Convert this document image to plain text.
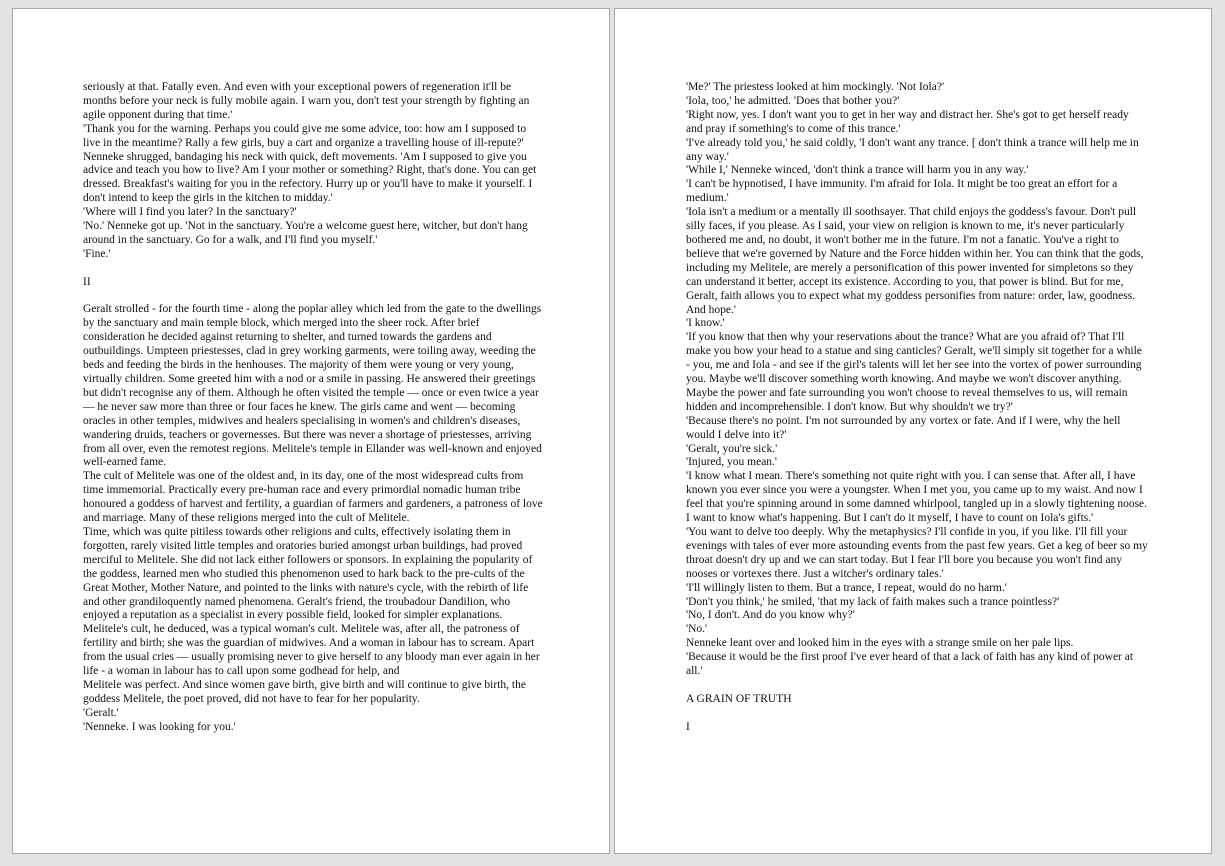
seriously at that. Fatally even. And even with your exceptional powers of regeneration it'll be months before your neck is fully mobile again. I warn you, don't test your strength by fighting an agile opponent during that time.'

'Thank you for the warning. Perhaps you could give me some advice, too: how am I supposed to live in the meantime? Rally a few girls, buy a cart and organize a travelling house of ill-repute?'

Nenneke shrugged, bandaging his neck with quick, deft movements. 'Am I supposed to give you advice and teach you how to live? Am I your mother or something? Right, that's done. You can get dressed. Breakfast's waiting for you in the refectory. Hurry up or you'll have to make it yourself. I don't intend to keep the girls in the kitchen to midday.'

'Where will I find you later? In the sanctuary?'

'No.' Nenneke got up. 'Not in the sanctuary. You're a welcome guest here, witcher, but don't hang around in the sanctuary. Go for a walk, and I'll find you myself.'

'Fine.'

II

Geralt strolled - for the fourth time - along the poplar alley which led from the gate to the dwellings by the sanctuary and main temple block, which merged into the sheer rock. After brief

consideration he decided against returning to shelter, and turned towards the gardens and outbuildings. Umpteen priestesses, clad in grey working garments, were toiling away, weeding the beds and feeding the birds in the henhouses. The majority of them were young or very young, virtually children. Some greeted him with a nod or a smile in passing. He answered their greetings but didn't recognise any of them. Although he often visited the temple — once or even twice a year — he never saw more than three or four faces he knew. The girls came and went — becoming oracles in other temples, midwives and healers specialising in women's and children's diseases, wandering druids, teachers or governesses. But there was never a shortage of priestesses, arriving from all over, even the remotest regions. Melitele's temple in Ellander was well-known and enjoyed well-earned fame.

The cult of Melitele was one of the oldest and, in its day, one of the most widespread cults from time immemorial. Practically every pre-human race and every primordial nomadic human tribe honoured a goddess of harvest and fertility, a guardian of farmers and gardeners, a patroness of love and marriage. Many of these religions merged into the cult of Melitele.

Time, which was quite pitiless towards other religions and cults, effectively isolating them in forgotten, rarely visited little temples and oratories buried amongst urban buildings, had proved merciful to Melitele. She did not lack either followers or sponsors. In explaining the popularity of the goddess, learned men who studied this phenomenon used to hark back to the pre-cults of the Great Mother, Mother Nature, and pointed to the links with nature's cycle, with the rebirth of life and other grandiloquently named phenomena. Geralt's friend, the troubadour Dandilion, who enjoyed a reputation as a specialist in every possible field, looked for simpler explanations. Melitele's cult, he deduced, was a typical woman's cult. Melitele was, after all, the patroness of fertility and birth; she was the guardian of midwives. And a woman in labour has to scream. Apart from the usual cries — usually promising never to give herself to any bloody man ever again in her life - a woman in labour has to call upon some godhead for help, and

Melitele was perfect. And since women gave birth, give birth and will continue to give birth, the goddess Melitele, the poet proved, did not have to fear for her popularity.

'Geralt.'

'Nenneke. I was looking for you.'

'Me?' The priestess looked at him mockingly. 'Not Iola?'

'Iola, too,' he admitted. 'Does that bother you?'

'Right now, yes. I don't want you to get in her way and distract her. She's got to get herself ready and pray if something's to come of this trance.'

'I've already told you,' he said coldly, 'I don't want any trance. [ don't think a trance will help me in any way.'

'While I,' Nenneke winced, 'don't think a trance will harm you in any way.'

'I can't be hypnotised, I have immunity. I'm afraid for Iola. It might be too great an effort for a medium.'

'Iola isn't a medium or a mentally ill soothsayer. That child enjoys the goddess's favour. Don't pull silly faces, if you please. As I said, your view on religion is known to me, it's never particularly bothered me and, no doubt, it won't bother me in the future. I'm not a fanatic. You've a right to believe that we're governed by Nature and the Force hidden within her. You can think that the gods, including my Melitele, are merely a personification of this power invented for simpletons so they can understand it better, accept its existence. According to you, that power is blind. But for me, Geralt, faith allows you to expect what my goddess personifies from nature: order, law, goodness. And hope.'

'I know.'

'If you know that then why your reservations about the trance? What are you afraid of? That I'll make you bow your head to a statue and sing canticles? Geralt, we'll simply sit together for a while - you, me and Iola - and see if the girl's talents will let her see into the vortex of power surrounding you. Maybe we'll discover something worth knowing. And maybe we won't discover anything. Maybe the power and fate surrounding you won't choose to reveal themselves to us, will remain hidden and incomprehensible. I don't know. But why shouldn't we try?'

'Because there's no point. I'm not surrounded by any vortex or fate. And if I were, why the hell would I delve into it?'

'Geralt, you're sick.'

'Injured, you mean.'

'I know what I mean. There's something not quite right with you. I can sense that. After all, I have known you ever since you were a youngster. When I met you, you came up to my waist. And now I feel that you're spinning around in some damned whirlpool, tangled up in a slowly tightening noose. I want to know what's happening. But I can't do it myself, I have to count on Iola's gifts.'

'You want to delve too deeply. Why the metaphysics? I'll confide in you, if you like. I'll fill your evenings with tales of ever more astounding events from the past few years. Get a keg of beer so my throat doesn't dry up and we can start today. But I fear I'll bore you because you won't find any nooses or vortexes there. Just a witcher's ordinary tales.'

'I'll willingly listen to them. But a trance, I repeat, would do no harm.'

'Don't you think,' he smiled, 'that my lack of faith makes such a trance pointless?'

'No, I don't. And do you know why?'

'No.'

Nenneke leant over and looked him in the eyes with a strange smile on her pale lips.

'Because it would be the first proof I've ever heard of that a lack of faith has any kind of power at all.'

A GRAIN OF TRUTH

I
